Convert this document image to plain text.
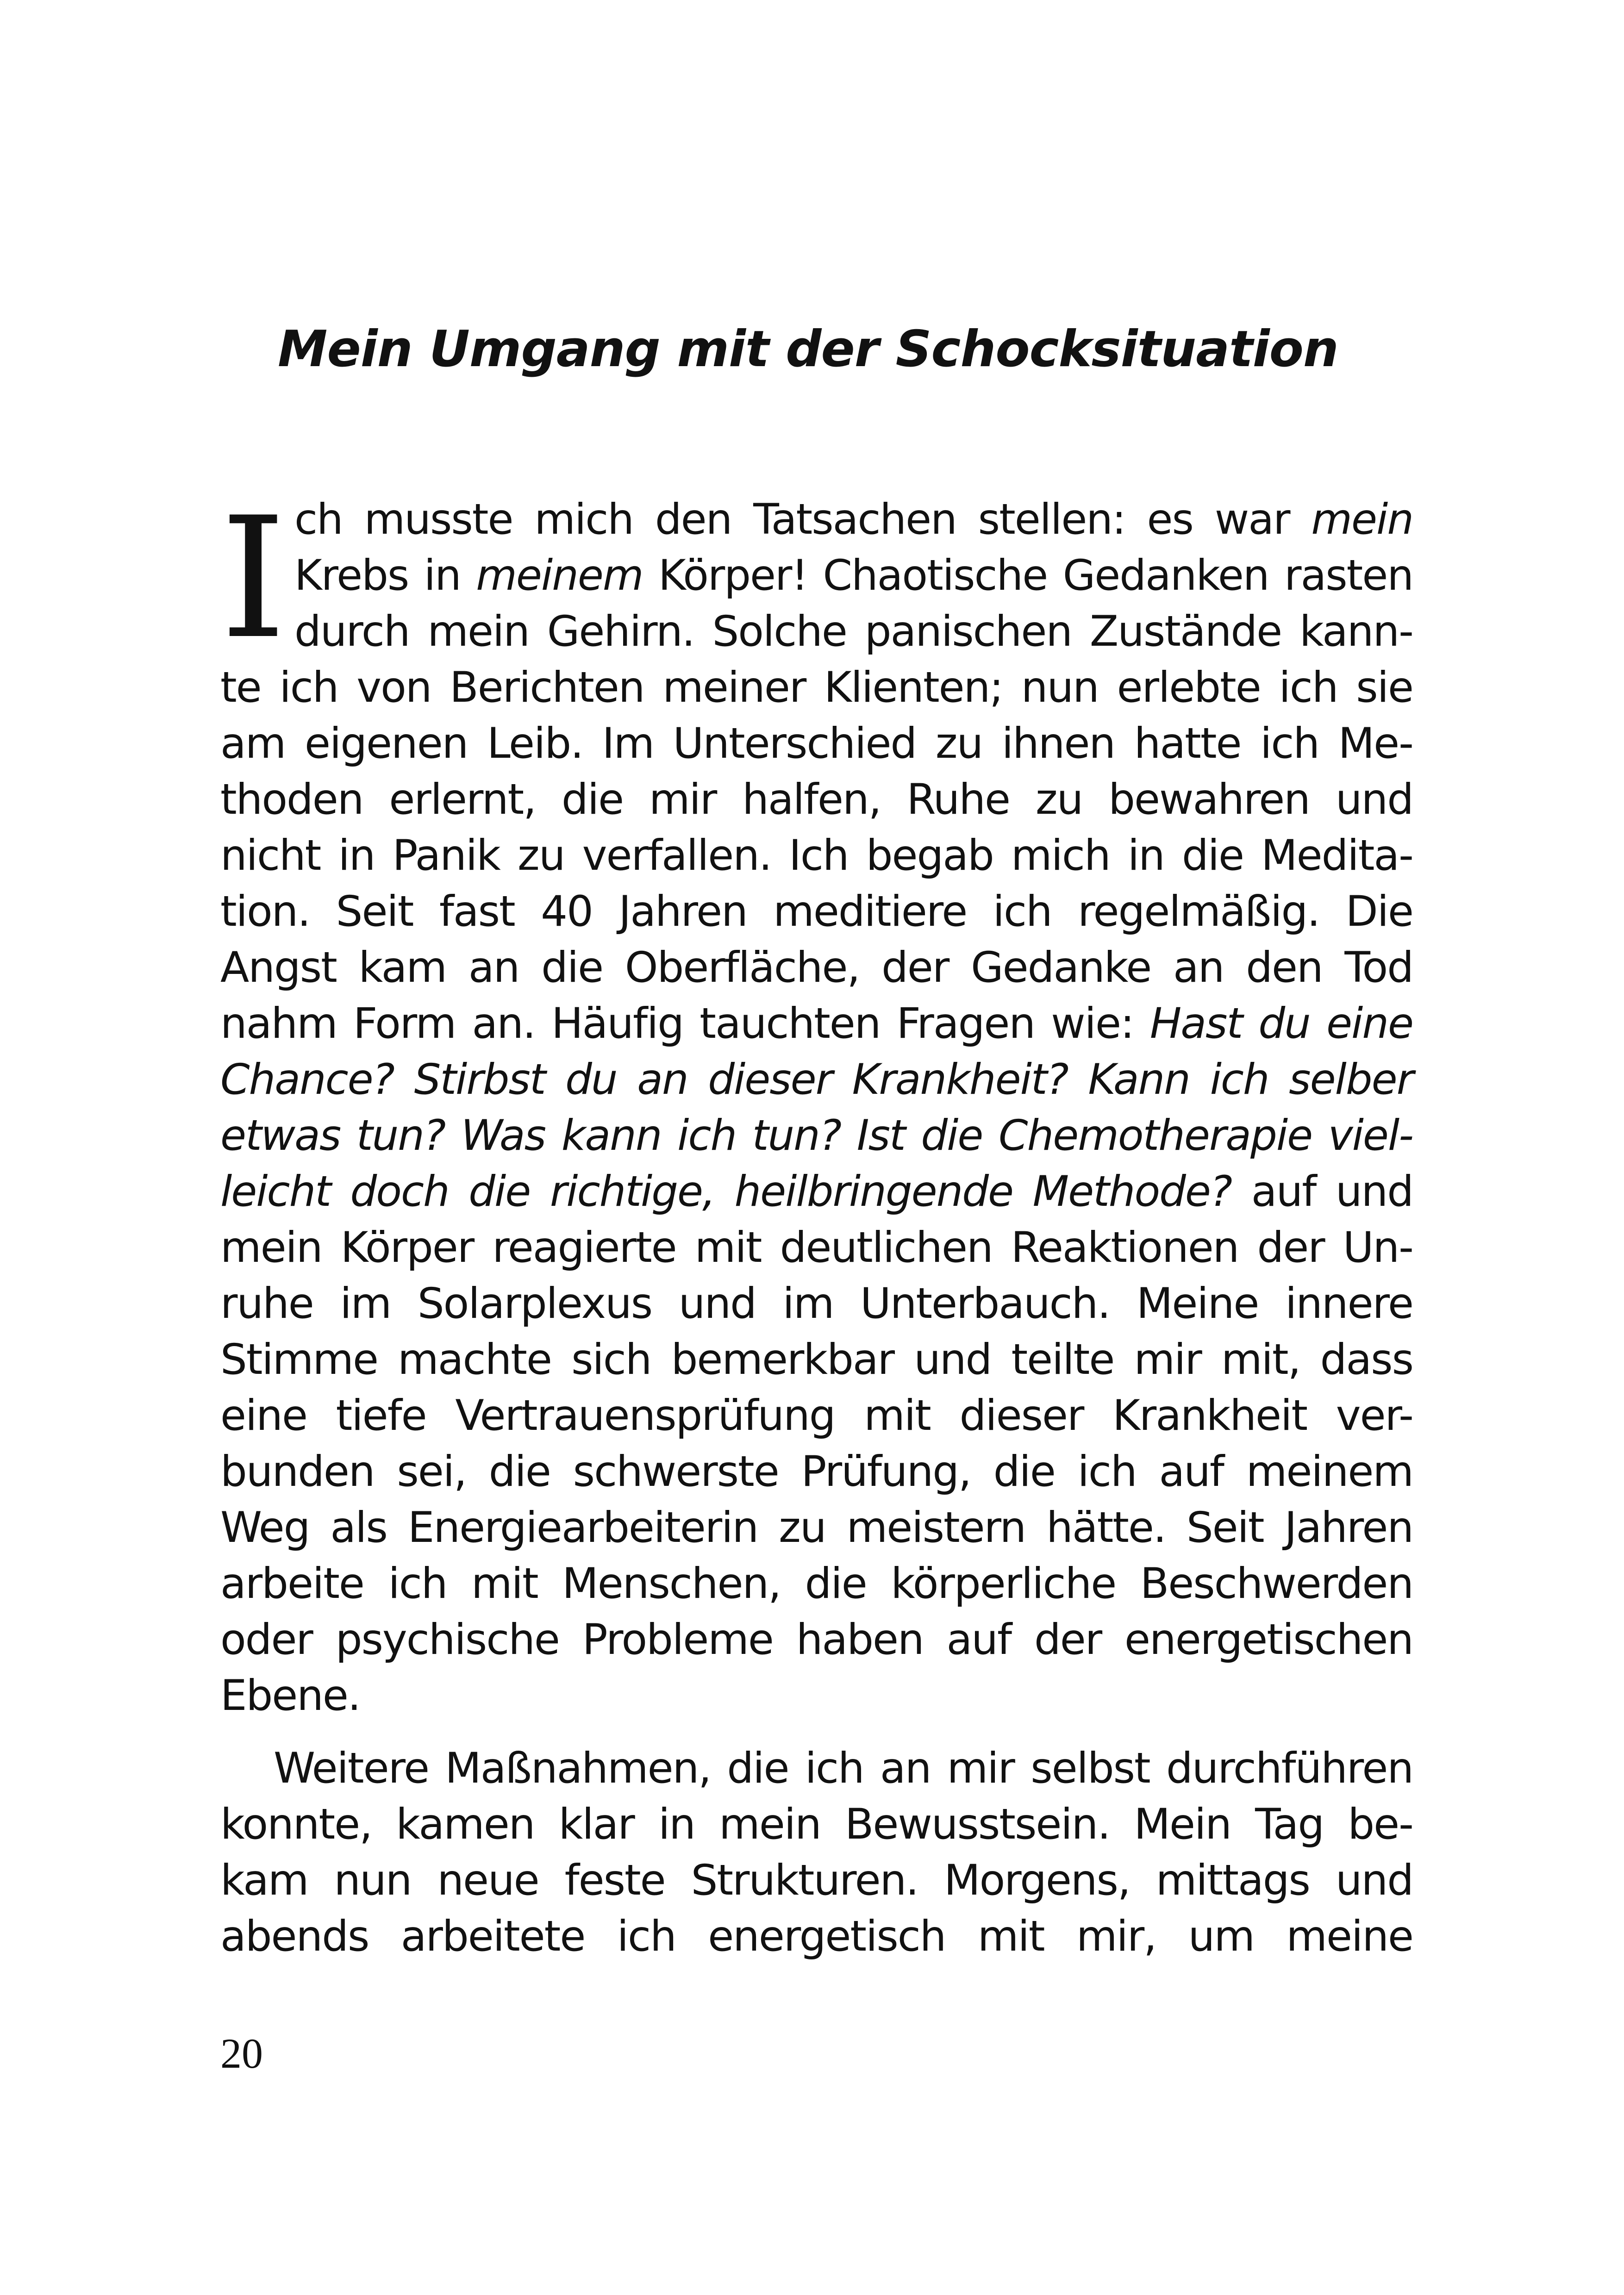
Mein Umgang mit der Schocksituation
I ch musste mich den Tatsachen stellen: es war mein
Krebs in meinem Körper! Chaotische Gedanken rasten
durch mein Gehirn. Solche panischen Zustände kann-
te ich von Berichten meiner Klienten; nun erlebte ich sie
am eigenen Leib. Im Unterschied zu ihnen hatte ich Me-
thoden erlernt, die mir halfen, Ruhe zu bewahren und
nicht in Panik zu verfallen. Ich begab mich in die Medita-
tion. Seit fast 40 Jahren meditiere ich regelmäßig. Die
Angst kam an die Oberfläche, der Gedanke an den Tod
nahm Form an. Häufig tauchten Fragen wie: Hast du eine
Chance? Stirbst du an dieser Krankheit? Kann ich selber
etwas tun? Was kann ich tun? Ist die Chemotherapie viel-
leicht doch die richtige, heilbringende Methode? auf und
mein Körper reagierte mit deutlichen Reaktionen der Un-
ruhe im Solarplexus und im Unterbauch. Meine innere
Stimme machte sich bemerkbar und teilte mir mit, dass
eine tiefe Vertrauensprüfung mit dieser Krankheit ver-
bunden sei, die schwerste Prüfung, die ich auf meinem
Weg als Energiearbeiterin zu meistern hätte. Seit Jahren
arbeite ich mit Menschen, die körperliche Beschwerden
oder psychische Probleme haben auf der energetischen
Ebene.
Weitere Maßnahmen, die ich an mir selbst durchführen
konnte, kamen klar in mein Bewusstsein. Mein Tag be-
kam nun neue feste Strukturen. Morgens, mittags und
abends arbeitete ich energetisch mit mir, um meine
20
